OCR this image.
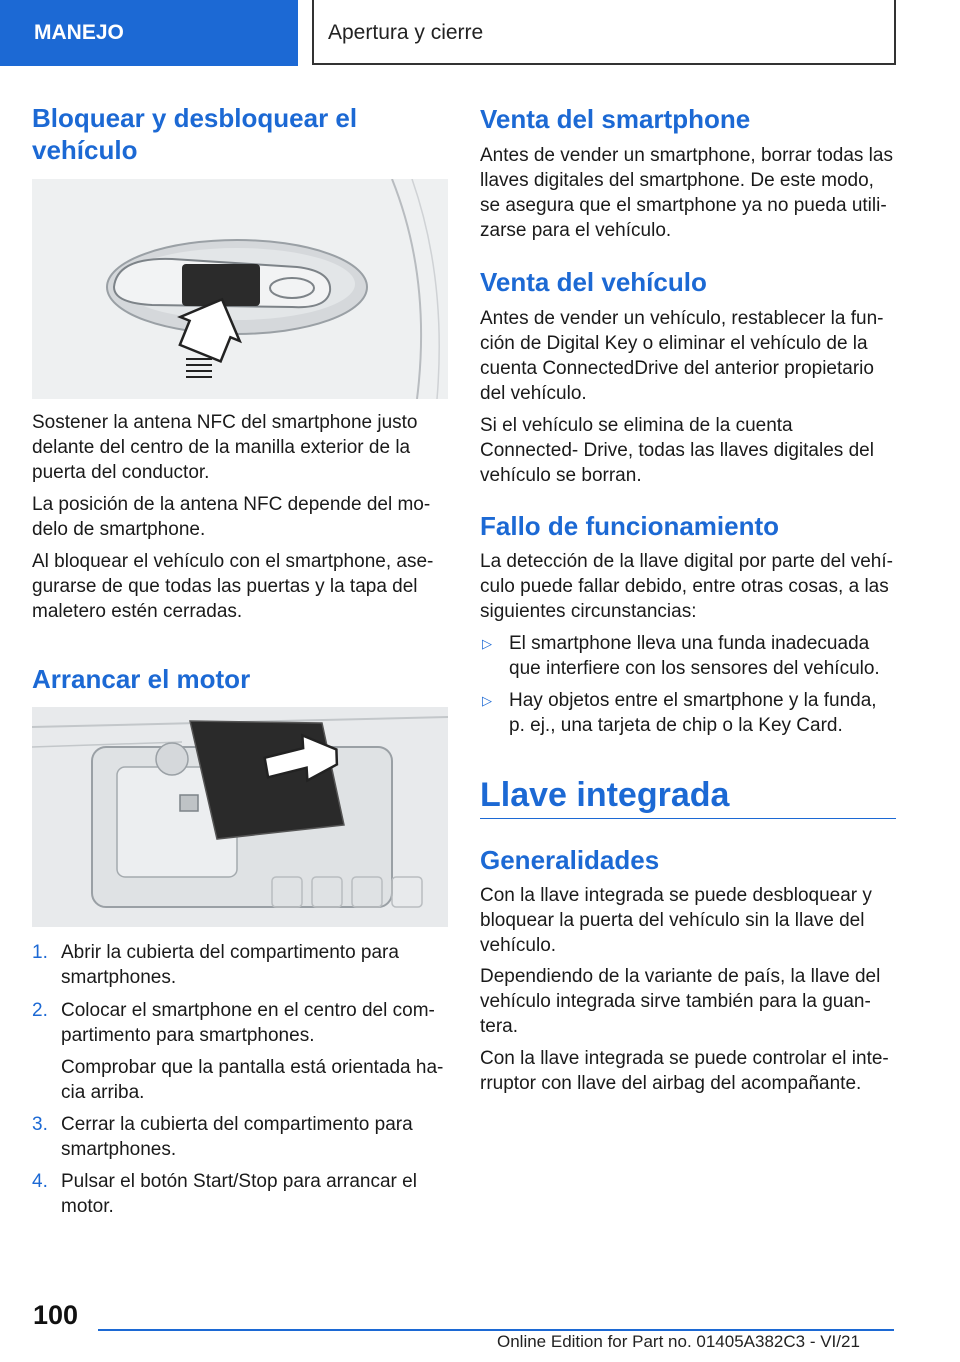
MANEJO	Apertura y cierre
Bloquear y desbloquear el vehículo

Sostener la antena NFC del smartphone justo delante del centro de la manilla exterior de la puerta del conductor.

La posición de la antena NFC depende del mo- delo de smartphone.

Al bloquear el vehículo con el smartphone, ase- gurarse de que todas las puertas y la tapa del maletero estén cerradas.

Arrancar el motor
1. Abrir la cubierta del compartimento para smartphones.

2. Colocar el smartphone en el centro del com- partimento para smartphones.

Comprobar que la pantalla está orientada ha- cia arriba.

3. Cerrar la cubierta del compartimento para smartphones.

4. Pulsar el botón Start/Stop para arrancar el motor.

Venta del smartphone

Antes de vender un smartphone, borrar todas las llaves digitales del smartphone. De este modo, se asegura que el smartphone ya no pueda utili- zarse para el vehículo.

Venta del vehículo

Antes de vender un vehículo, restablecer la fun- ción de Digital Key o eliminar el vehículo de la cuenta ConnectedDrive del anterior propietario del vehículo.

Si el vehículo se elimina de la cuenta Connected- Drive, todas las llaves digitales del vehículo se borran.

Fallo de funcionamiento

La detección de la llave digital por parte del vehí- culo puede fallar debido, entre otras cosas, a las siguientes circunstancias:

▷ El smartphone lleva una funda inadecuada que interfiere con los sensores del vehículo.

▷ Hay objetos entre el smartphone y la funda, p. ej., una tarjeta de chip o la Key Card.

Llave integrada
Generalidades

Con la llave integrada se puede desbloquear y bloquear la puerta del vehículo sin la llave del vehículo.

Dependiendo de la variante de país, la llave del vehículo integrada sirve también para la guan- tera.

Con la llave integrada se puede controlar el inte- rruptor con llave del airbag del acompañante.

100
Online Edition for Part no. 01405A382C3 - VI/21
